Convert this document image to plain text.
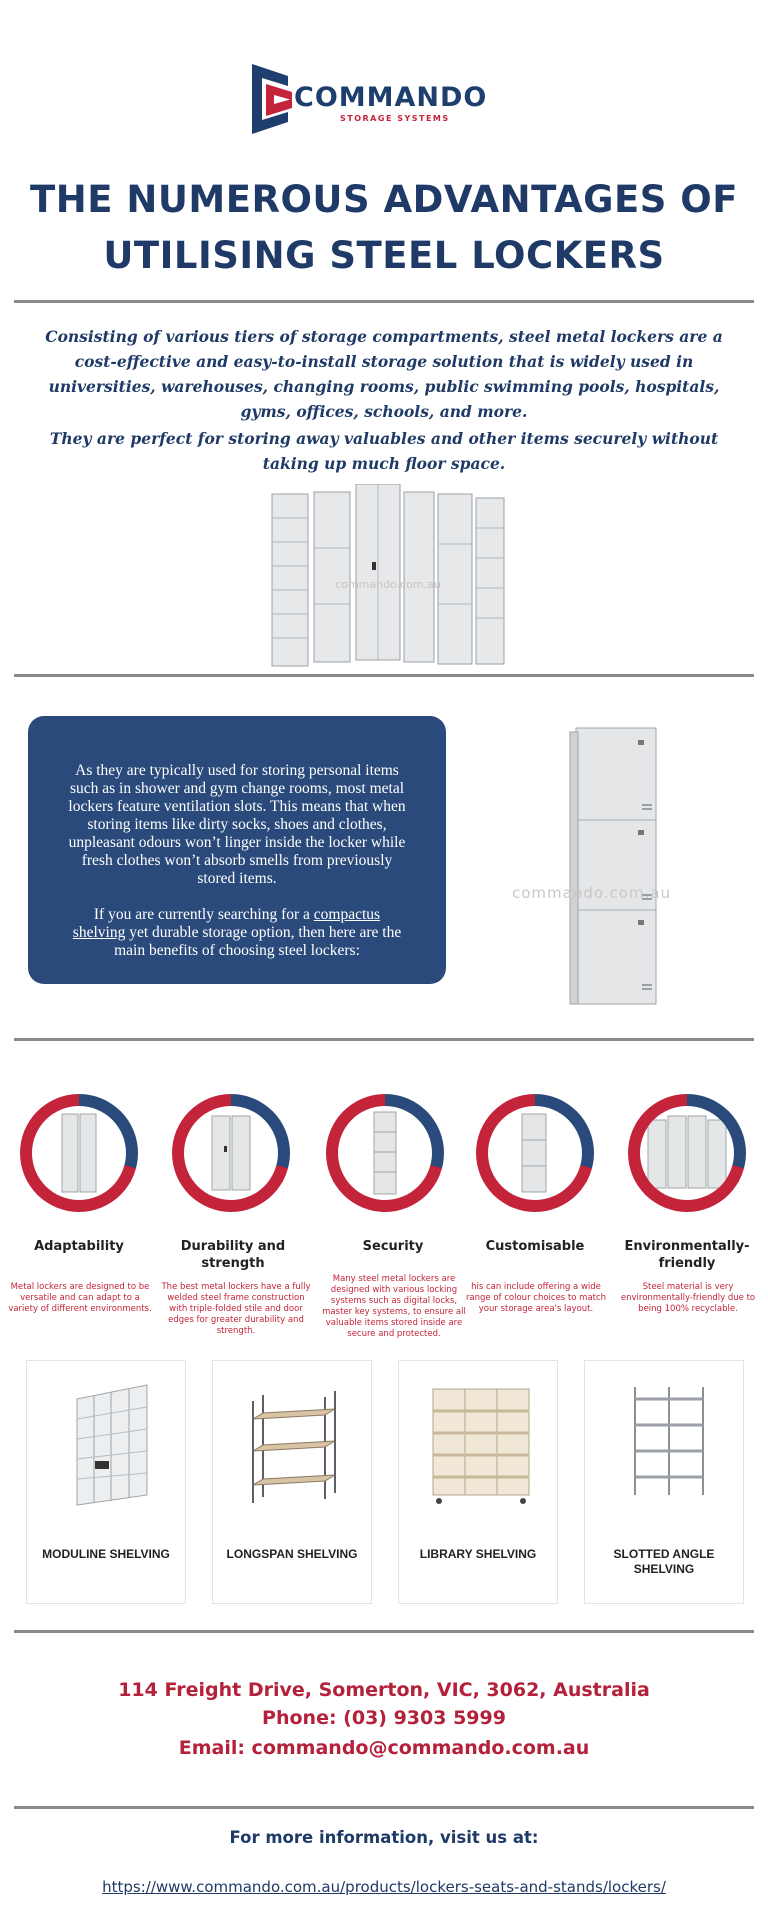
COMMANDO
STORAGE SYSTEMS
THE NUMEROUS ADVANTAGES OF
UTILISING STEEL LOCKERS

Consisting of various tiers of storage compartments, steel metal lockers are a cost-effective and easy-to-install storage solution that is widely used in universities, warehouses, changing rooms, public swimming pools, hospitals, gyms, offices, schools, and more.

They are perfect for storing away valuables and other items securely without taking up much floor space.

commando.com.au

As they are typically used for storing personal items such as in shower and gym change rooms, most metal lockers feature ventilation slots. This means that when storing items like dirty socks, shoes and clothes, unpleasant odours won’t linger inside the locker while fresh clothes won’t absorb smells from previously stored items.

If you are currently searching for a compactus shelving yet durable storage option, then here are the main benefits of choosing steel lockers:

commando.com.au
Adaptability
Metal lockers are designed to be versatile and can adapt to a variety of different environments.
Durability and strength
The best metal lockers have a fully welded steel frame construction with triple-folded stile and door edges for greater durability and strength.
Security
Many steel metal lockers are designed with various locking systems such as digital locks, master key systems, to ensure all valuable items stored inside are secure and protected.
Customisable
his can include offering a wide range of colour choices to match your storage area's layout.
Environmentally-friendly
Steel material is very environmentally-friendly due to being 100% recyclable.
MODULINE SHELVING	LONGSPAN SHELVING	LIBRARY SHELVING	SLOTTED ANGLE SHELVING
114 Freight Drive, Somerton, VIC, 3062, Australia
Phone: (03) 9303 5999
Email: commando@commando.com.au
For more information, visit us at:
https://www.commando.com.au/products/lockers-seats-and-stands/lockers/
